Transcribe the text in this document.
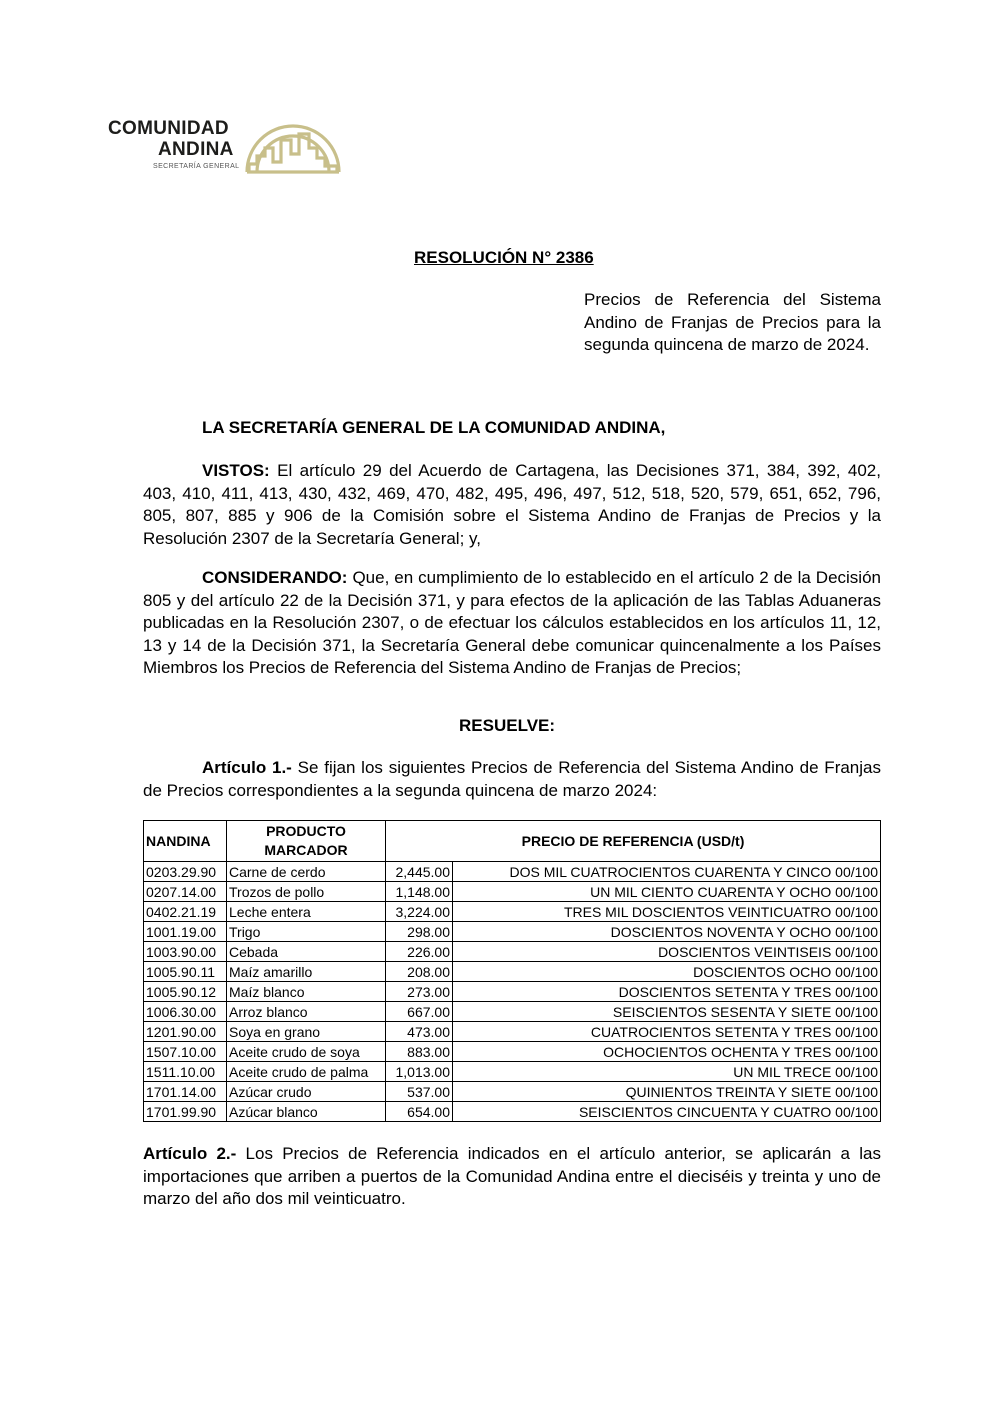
COMUNIDAD
ANDINA
SECRETARÍA GENERAL
RESOLUCIÓN N° 2386
Precios de Referencia del Sistema Andino de Franjas de Precios para la segunda quincena de marzo de 2024.
LA SECRETARÍA GENERAL DE LA COMUNIDAD ANDINA,
VISTOS: El artículo 29 del Acuerdo de Cartagena, las Decisiones 371, 384, 392, 402, 403, 410, 411, 413, 430, 432, 469, 470, 482, 495, 496, 497, 512, 518, 520, 579, 651, 652, 796, 805, 807, 885 y 906 de la Comisión sobre el Sistema Andino de Franjas de Precios y la Resolución 2307 de la Secretaría General; y,
CONSIDERANDO: Que, en cumplimiento de lo establecido en el artículo 2 de la Decisión 805 y del artículo 22 de la Decisión 371, y para efectos de la aplicación de las Tablas Aduaneras publicadas en la Resolución 2307, o de efectuar los cálculos establecidos en los artículos 11, 12, 13 y 14 de la Decisión 371, la Secretaría General debe comunicar quincenalmente a los Países Miembros los Precios de Referencia del Sistema Andino de Franjas de Precios;
RESUELVE:
Artículo 1.- Se fijan los siguientes Precios de Referencia del Sistema Andino de Franjas de Precios correspondientes a la segunda quincena de marzo 2024:
NANDINA	PRODUCTO MARCADOR	PRECIO DE REFERENCIA (USD/t)	
0203.29.90	Carne de cerdo	2,445.00	DOS MIL CUATROCIENTOS CUARENTA Y CINCO 00/100
0207.14.00	Trozos de pollo	1,148.00	UN MIL CIENTO CUARENTA Y OCHO 00/100
0402.21.19	Leche entera	3,224.00	TRES MIL DOSCIENTOS VEINTICUATRO 00/100
1001.19.00	Trigo	298.00	DOSCIENTOS NOVENTA Y OCHO 00/100
1003.90.00	Cebada	226.00	DOSCIENTOS VEINTISEIS 00/100
1005.90.11	Maíz amarillo	208.00	DOSCIENTOS OCHO 00/100
1005.90.12	Maíz blanco	273.00	DOSCIENTOS SETENTA Y TRES 00/100
1006.30.00	Arroz blanco	667.00	SEISCIENTOS SESENTA Y SIETE 00/100
1201.90.00	Soya en grano	473.00	CUATROCIENTOS SETENTA Y TRES 00/100
1507.10.00	Aceite crudo de soya	883.00	OCHOCIENTOS OCHENTA Y TRES 00/100
1511.10.00	Aceite crudo de palma	1,013.00	UN MIL TRECE 00/100
1701.14.00	Azúcar crudo	537.00	QUINIENTOS TREINTA Y SIETE 00/100
1701.99.90	Azúcar blanco	654.00	SEISCIENTOS CINCUENTA Y CUATRO 00/100
Artículo 2.- Los Precios de Referencia indicados en el artículo anterior, se aplicarán a las importaciones que arriben a puertos de la Comunidad Andina entre el dieciséis y treinta y uno de marzo del año dos mil veinticuatro.
